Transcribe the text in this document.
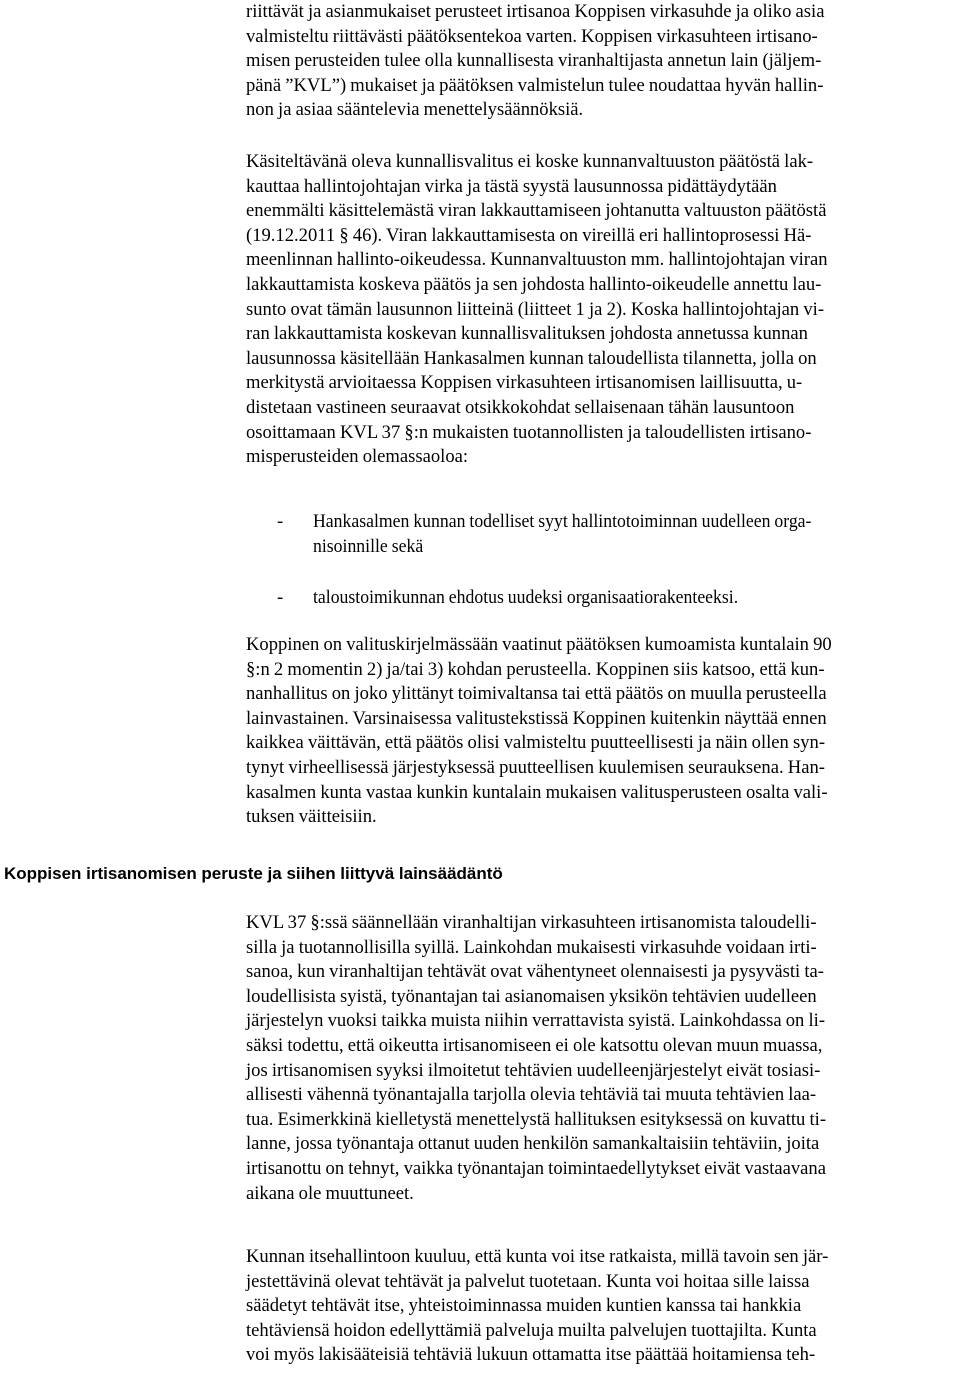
riittävät ja asianmukaiset perusteet irtisanoa Koppisen virkasuhde ja oliko asia
valmisteltu riittävästi päätöksentekoa varten. Koppisen virkasuhteen irtisano-
misen perusteiden tulee olla kunnallisesta viranhaltijasta annetun lain (jäljem-
pänä ”KVL”) mukaiset ja päätöksen valmistelun tulee noudattaa hyvän hallin-
non ja asiaa sääntelevia menettelysäännöksiä.
Käsiteltävänä oleva kunnallisvalitus ei koske kunnanvaltuuston päätöstä lak-
kauttaa hallintojohtajan virka ja tästä syystä lausunnossa pidättäydytään
enemmälti käsittelemästä viran lakkauttamiseen johtanutta valtuuston päätöstä
(19.12.2011 § 46). Viran lakkauttamisesta on vireillä eri hallintoprosessi Hä-
meenlinnan hallinto-oikeudessa. Kunnanvaltuuston mm. hallintojohtajan viran
lakkauttamista koskeva päätös ja sen johdosta hallinto-oikeudelle annettu lau-
sunto ovat tämän lausunnon liitteinä (liitteet 1 ja 2). Koska hallintojohtajan vi-
ran lakkauttamista koskevan kunnallisvalituksen johdosta annetussa kunnan
lausunnossa käsitellään Hankasalmen kunnan taloudellista tilannetta, jolla on
merkitystä arvioitaessa Koppisen virkasuhteen irtisanomisen laillisuutta, u-
distetaan vastineen seuraavat otsikkokohdat sellaisenaan tähän lausuntoon
osoittamaan KVL 37 §:n mukaisten tuotannollisten ja taloudellisten irtisano-
misperusteiden olemassaoloa:
- Hankasalmen kunnan todelliset syyt hallintotoiminnan uudelleen orga-
nisoinnille sekä
- taloustoimikunnan ehdotus uudeksi organisaatiorakenteeksi.
Koppinen on valituskirjelmässään vaatinut päätöksen kumoamista kuntalain 90
§:n 2 momentin 2) ja/tai 3) kohdan perusteella. Koppinen siis katsoo, että kun-
nanhallitus on joko ylittänyt toimivaltansa tai että päätös on muulla perusteella
lainvastainen. Varsinaisessa valitustekstissä Koppinen kuitenkin näyttää ennen
kaikkea väittävän, että päätös olisi valmisteltu puutteellisesti ja näin ollen syn-
tynyt virheellisessä järjestyksessä puutteellisen kuulemisen seurauksena. Han-
kasalmen kunta vastaa kunkin kuntalain mukaisen valitusperusteen osalta vali-
tuksen väitteisiin.
Koppisen irtisanomisen peruste ja siihen liittyvä lainsäädäntö
KVL 37 §:ssä säännellään viranhaltijan virkasuhteen irtisanomista taloudelli-
silla ja tuotannollisilla syillä. Lainkohdan mukaisesti virkasuhde voidaan irti-
sanoa, kun viranhaltijan tehtävät ovat vähentyneet olennaisesti ja pysyvästi ta-
loudellisista syistä, työnantajan tai asianomaisen yksikön tehtävien uudelleen
järjestelyn vuoksi taikka muista niihin verrattavista syistä. Lainkohdassa on li-
säksi todettu, että oikeutta irtisanomiseen ei ole katsottu olevan muun muassa,
jos irtisanomisen syyksi ilmoitetut tehtävien uudelleenjärjestelyt eivät tosiasi-
allisesti vähennä työnantajalla tarjolla olevia tehtäviä tai muuta tehtävien laa-
tua. Esimerkkinä kielletystä menettelystä hallituksen esityksessä on kuvattu ti-
lanne, jossa työnantaja ottanut uuden henkilön samankaltaisiin tehtäviin, joita
irtisanottu on tehnyt, vaikka työnantajan toimintaedellytykset eivät vastaavana
aikana ole muuttuneet.
Kunnan itsehallintoon kuuluu, että kunta voi itse ratkaista, millä tavoin sen jär-
jestettävinä olevat tehtävät ja palvelut tuotetaan. Kunta voi hoitaa sille laissa
säädetyt tehtävät itse, yhteistoiminnassa muiden kuntien kanssa tai hankkia
tehtäviensä hoidon edellyttämiä palveluja muilta palvelujen tuottajilta. Kunta
voi myös lakisääteisiä tehtäviä lukuun ottamatta itse päättää hoitamiensa teh-
